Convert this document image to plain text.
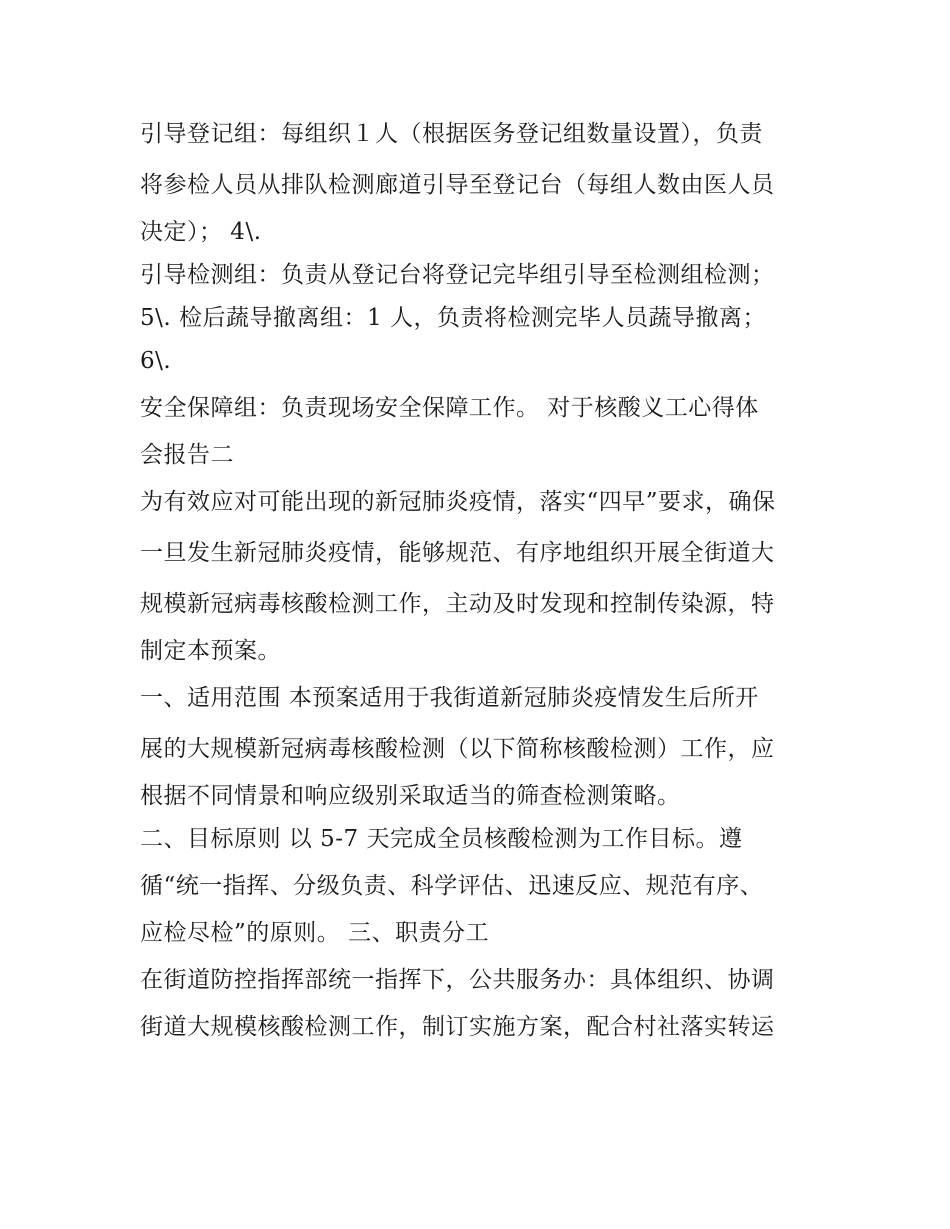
引导登记组：每组织１人（根据医务登记组数量设置），负责
将参检人员从排队检测廊道引导至登记台（每组人数由医人员
决定）； 4\.
引导检测组：负责从登记台将登记完毕组引导至检测组检测；
5\. 检后蔬导撤离组：1 人，负责将检测完毕人员蔬导撤离；
6\.
安全保障组：负责现场安全保障工作。 对于核酸义工心得体
会报告二
为有效应对可能出现的新冠肺炎疫情，落实“四早”要求，确保
一旦发生新冠肺炎疫情，能够规范、有序地组织开展全街道大
规模新冠病毒核酸检测工作，主动及时发现和控制传染源，特
制定本预案。
一、适用范围 本预案适用于我街道新冠肺炎疫情发生后所开
展的大规模新冠病毒核酸检测（以下简称核酸检测）工作，应
根据不同情景和响应级别采取适当的筛查检测策略。
二、目标原则 以 5-7 天完成全员核酸检测为工作目标。遵
循“统一指挥、分级负责、科学评估、迅速反应、规范有序、
应检尽检”的原则。 三、职责分工
在街道防控指挥部统一指挥下，公共服务办：具体组织、协调
街道大规模核酸检测工作，制订实施方案，配合村社落实转运
